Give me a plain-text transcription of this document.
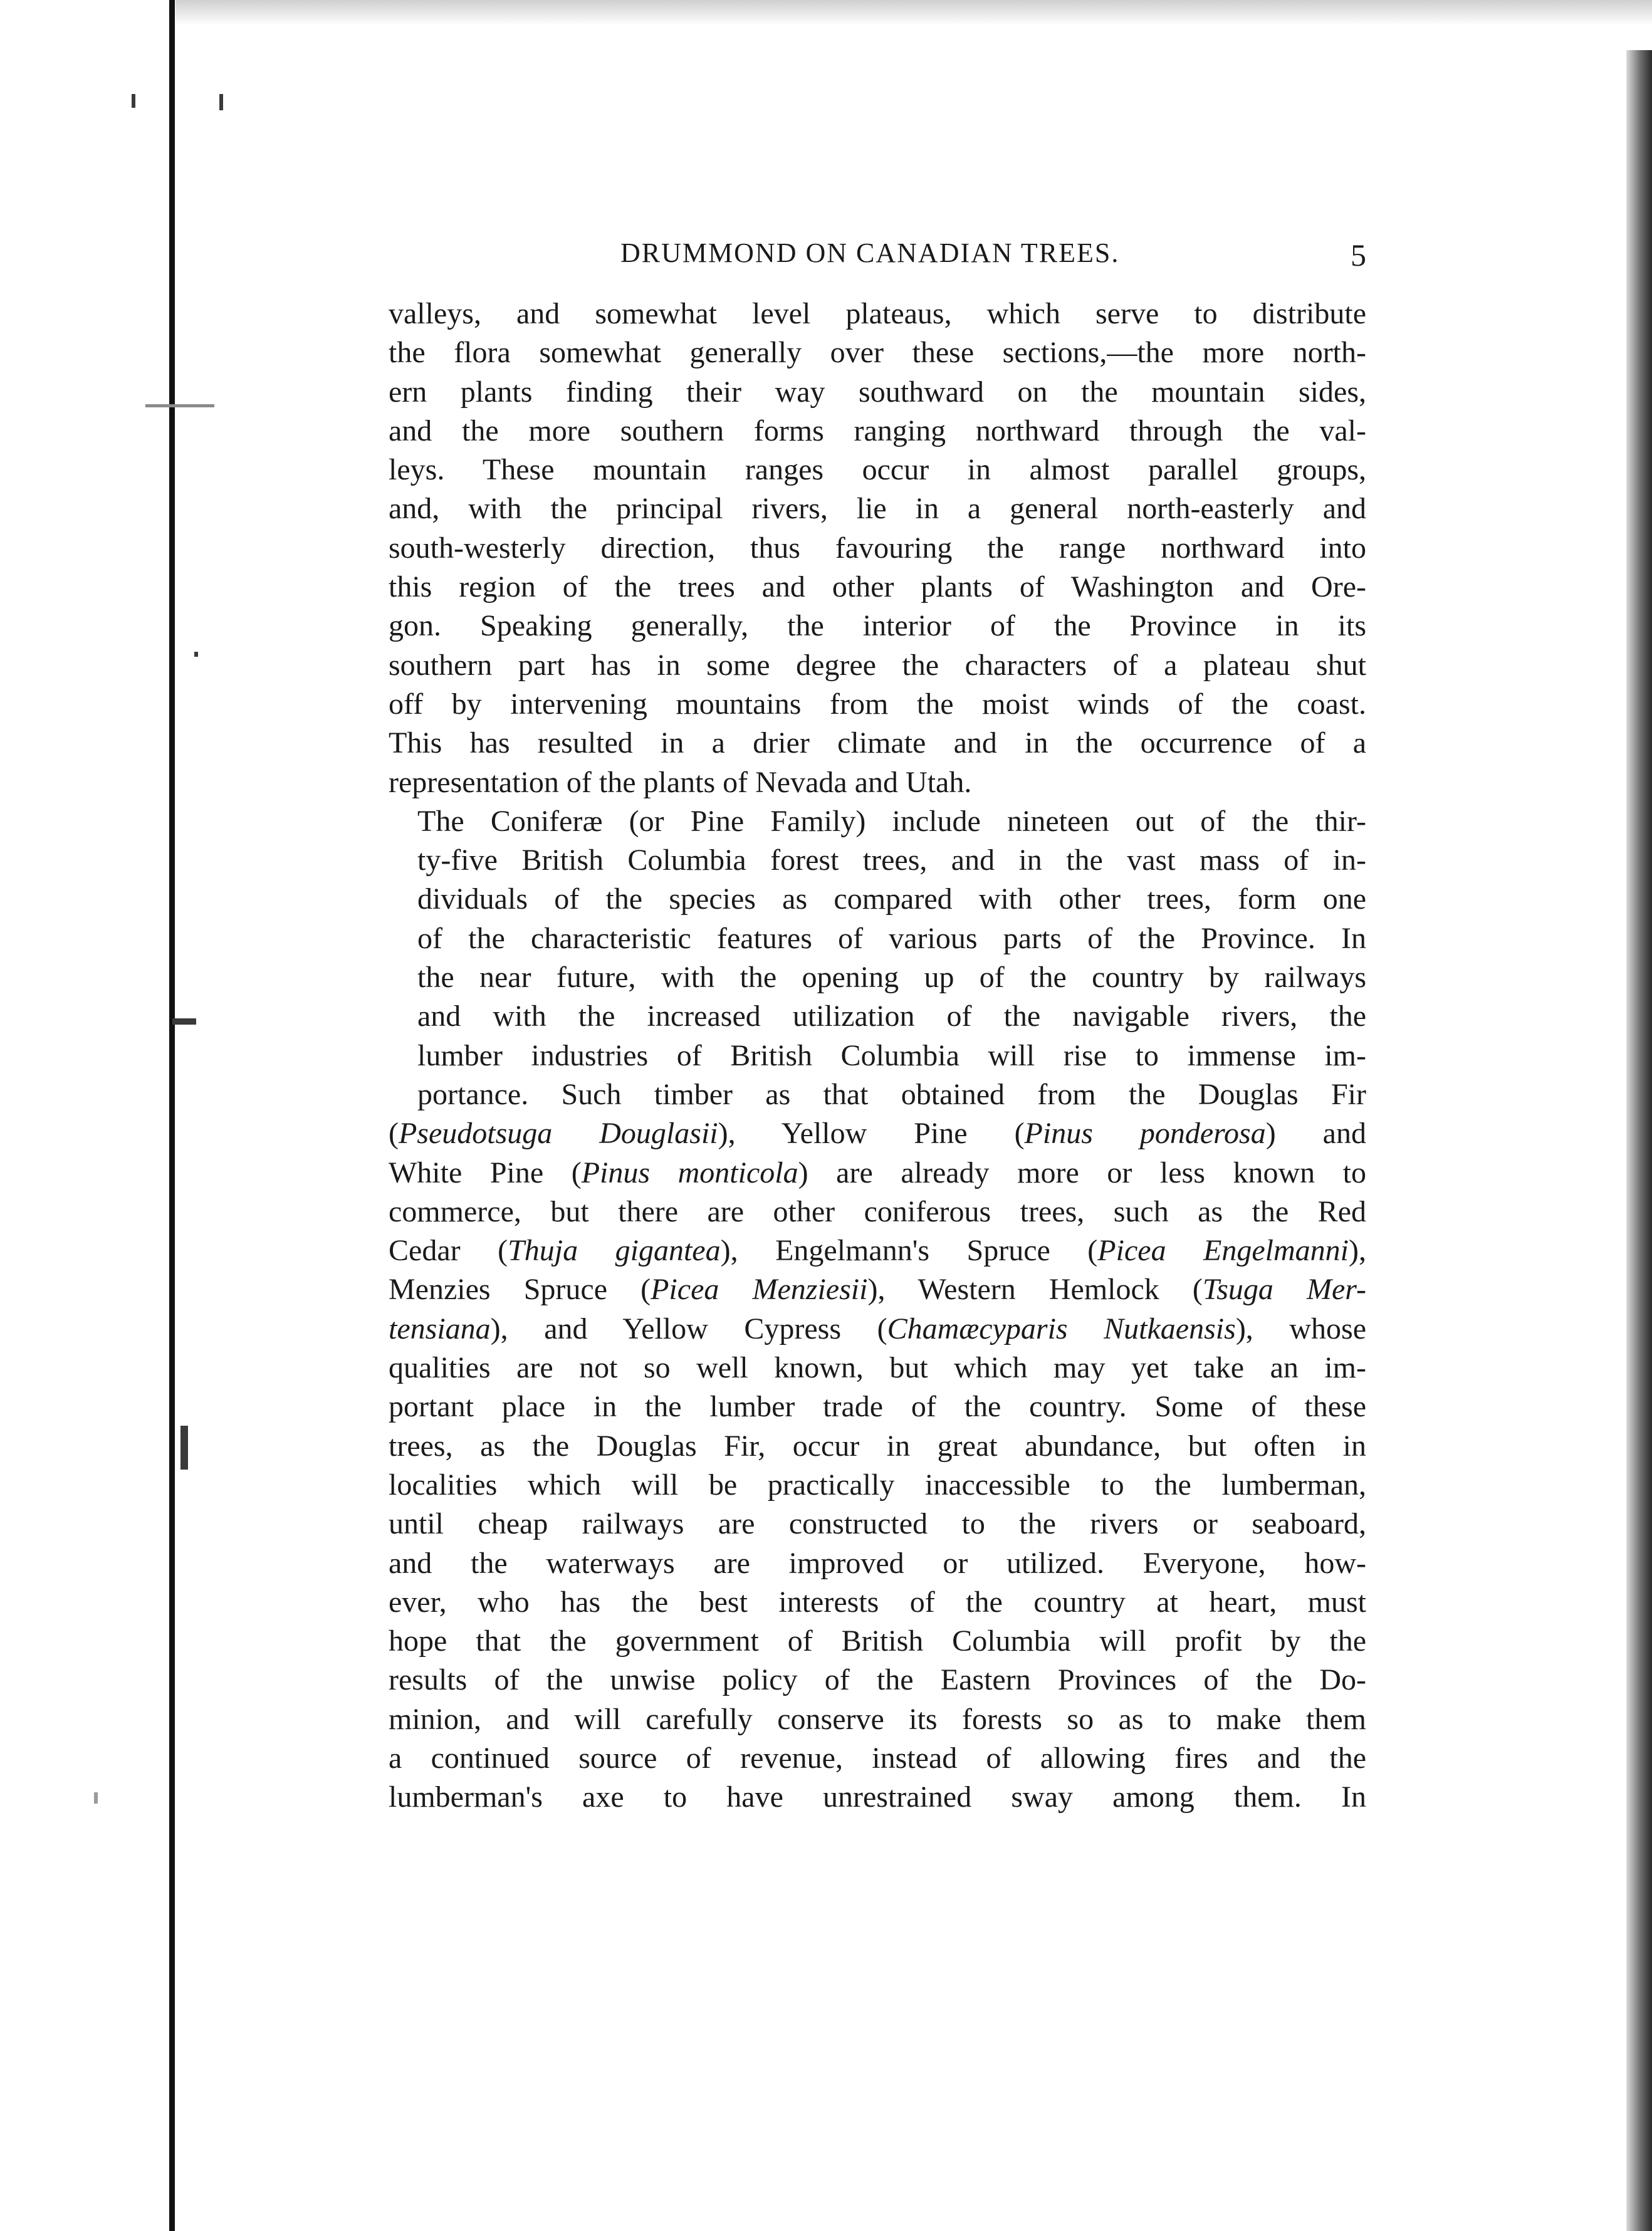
DRUMMOND ON CANADIAN TREES.	5

valleys, and somewhat level plateaus, which serve to distribute
the flora somewhat generally over these sections,—the more north-
ern plants finding their way southward on the mountain sides,
and the more southern forms ranging northward through the val-
leys. These mountain ranges occur in almost parallel groups,
and, with the principal rivers, lie in a general north-easterly and
south-westerly direction, thus favouring the range northward into
this region of the trees and other plants of Washington and Ore-
gon. Speaking generally, the interior of the Province in its
southern part has in some degree the characters of a plateau shut
off by intervening mountains from the moist winds of the coast.
This has resulted in a drier climate and in the occurrence of a
representation of the plants of Nevada and Utah.

The Coniferæ (or Pine Family) include nineteen out of the thir-
ty-five British Columbia forest trees, and in the vast mass of in-
dividuals of the species as compared with other trees, form one
of the characteristic features of various parts of the Province. In
the near future, with the opening up of the country by railways
and with the increased utilization of the navigable rivers, the
lumber industries of British Columbia will rise to immense im-
portance. Such timber as that obtained from the Douglas Fir
(Pseudotsuga Douglasii), Yellow Pine (Pinus ponderosa) and
White Pine (Pinus monticola) are already more or less known to
commerce, but there are other coniferous trees, such as the Red
Cedar (Thuja gigantea), Engelmann's Spruce (Picea Engelmanni),
Menzies Spruce (Picea Menziesii), Western Hemlock (Tsuga Mer-
tensiana), and Yellow Cypress (Chamæcyparis Nutkaensis), whose
qualities are not so well known, but which may yet take an im-
portant place in the lumber trade of the country. Some of these
trees, as the Douglas Fir, occur in great abundance, but often in
localities which will be practically inaccessible to the lumberman,
until cheap railways are constructed to the rivers or seaboard,
and the waterways are improved or utilized. Everyone, how-
ever, who has the best interests of the country at heart, must
hope that the government of British Columbia will profit by the
results of the unwise policy of the Eastern Provinces of the Do-
minion, and will carefully conserve its forests so as to make them
a continued source of revenue, instead of allowing fires and the
lumberman's axe to have unrestrained sway among them. In
